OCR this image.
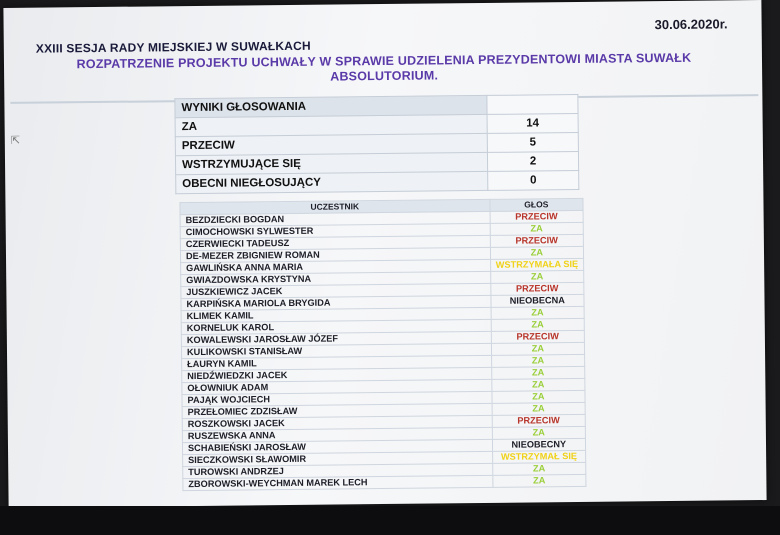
XXIII SESJA RADY MIEJSKIEJ W SUWAŁKACH
30.06.2020r.
ROZPATRZENIE PROJEKTU UCHWAŁY W SPRAWIE UDZIELENIA PREZYDENTOWI MIASTA SUWAŁK
ABSOLUTORIUM.
⇱
WYNIKI GŁOSOWANIA	
ZA	14
PRZECIW	5
WSTRZYMUJĄCE SIĘ	2
OBECNI NIEGŁOSUJĄCY	0
UCZESTNIK	GŁOS
BEZDZIECKI BOGDAN	PRZECIW
CIMOCHOWSKI SYLWESTER	ZA
CZERWIECKI TADEUSZ	PRZECIW
DE-MEZER ZBIGNIEW ROMAN	ZA
GAWLIŃSKA ANNA MARIA	WSTRZYMAŁA SIĘ
GWIAZDOWSKA KRYSTYNA	ZA
JUSZKIEWICZ JACEK	PRZECIW
KARPIŃSKA MARIOLA BRYGIDA	NIEOBECNA
KLIMEK KAMIL	ZA
KORNELUK KAROL	ZA
KOWALEWSKI JAROSŁAW JÓZEF	PRZECIW
KULIKOWSKI STANISŁAW	ZA
ŁAURYN KAMIL	ZA
NIEDŹWIEDZKI JACEK	ZA
OŁOWNIUK ADAM	ZA
PAJĄK WOJCIECH	ZA
PRZEŁOMIEC ZDZISŁAW	ZA
ROSZKOWSKI JACEK	PRZECIW
RUSZEWSKA ANNA	ZA
SCHABIEŃSKI JAROSŁAW	NIEOBECNY
SIECZKOWSKI SŁAWOMIR	WSTRZYMAŁ SIĘ
TUROWSKI ANDRZEJ	ZA
ZBOROWSKI-WEYCHMAN MAREK LECH	ZA
